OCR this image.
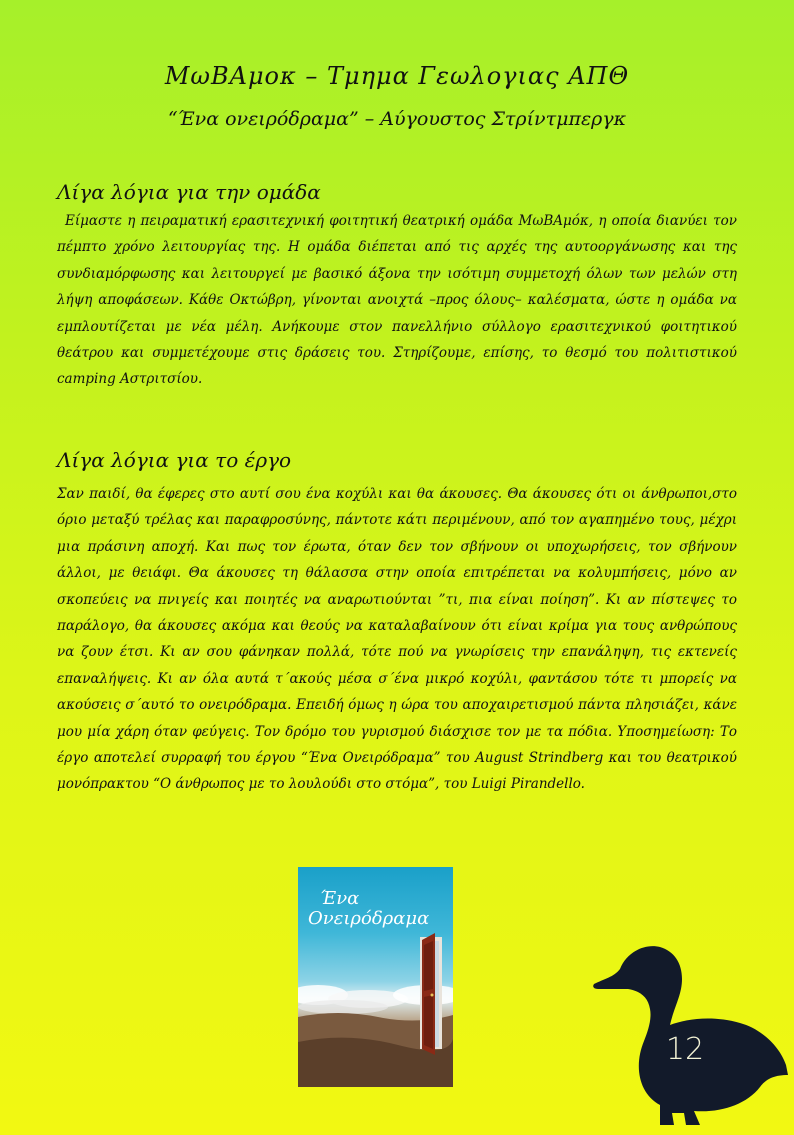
ΜωΒΑμοκ – Τμημα Γεωλογιας ΑΠΘ
“Ένα ονειρόδραμα” – Αύγουστος Στρίντμπεργκ
Λίγα λόγια για την ομάδα
Είμαστε η πειραματική ερασιτεχνική φοιτητική θεατρική ομάδα ΜωΒΑμόκ, η οποία διανύει τον πέμπτο χρόνο λειτουργίας της. Η ομάδα διέπεται από τις αρχές της αυτοοργάνωσης και της συνδιαμόρφωσης και λειτουργεί με βασικό άξονα την ισότιμη συμμετοχή όλων των μελών στη λήψη αποφάσεων. Κάθε Οκτώβρη, γίνονται ανοιχτά –προς όλους– καλέσματα, ώστε η ομάδα να εμπλουτίζεται με νέα μέλη. Ανήκουμε στον πανελλήνιο σύλλογο ερασιτεχνικού φοιτητικού θεάτρου και συμμετέχουμε στις δράσεις του. Στηρίζουμε, επίσης, το θεσμό του πολιτιστικού camping Αστριτσίου.
Λίγα λόγια για το έργο
Σαν παιδί, θα έφερες στο αυτί σου ένα κοχύλι και θα άκουσες. Θα άκουσες ότι οι άνθρωποι,στο όριο μεταξύ τρέλας και παραφροσύνης, πάντοτε κάτι περιμένουν, από τον αγαπημένο τους, μέχρι μια πράσινη αποχή. Και πως τον έρωτα, όταν δεν τον σβήνουν οι υποχωρήσεις, τον σβήνουν άλλοι, με θειάφι. Θα άκουσες τη θάλασσα στην οποία επιτρέπεται να κολυμπήσεις, μόνο αν σκοπεύεις να πνιγείς και ποιητές να αναρωτιούνται ”τι, πια είναι ποίηση”. Κι αν πίστεψες το παράλογο, θα άκουσες ακόμα και θεούς να καταλαβαίνουν ότι είναι κρίμα για τους ανθρώπους να ζουν έτσι. Κι αν σου φάνηκαν πολλά, τότε πού να γνωρίσεις την επανάληψη, τις εκτενείς επαναλήψεις. Κι αν όλα αυτά τ΄ακούς μέσα σ΄ένα μικρό κοχύλι, φαντάσου τότε τι μπορείς να ακούσεις σ΄αυτό το ονειρόδραμα. Επειδή όμως η ώρα του αποχαιρετισμού πάντα πλησιάζει, κάνε μου μία χάρη όταν φεύγεις. Τον δρόμο του γυρισμού διάσχισε τον με τα πόδια. Υποσημείωση: Το έργο αποτελεί συρραφή του έργου “Ένα Ονειρόδραμα” του August Strindberg και του θεατρικού μονόπρακτου “Ο άνθρωπος με το λουλούδι στο στόμα”, του Luigi Pirandello.
Ένα
Ονειρόδραμα
12
